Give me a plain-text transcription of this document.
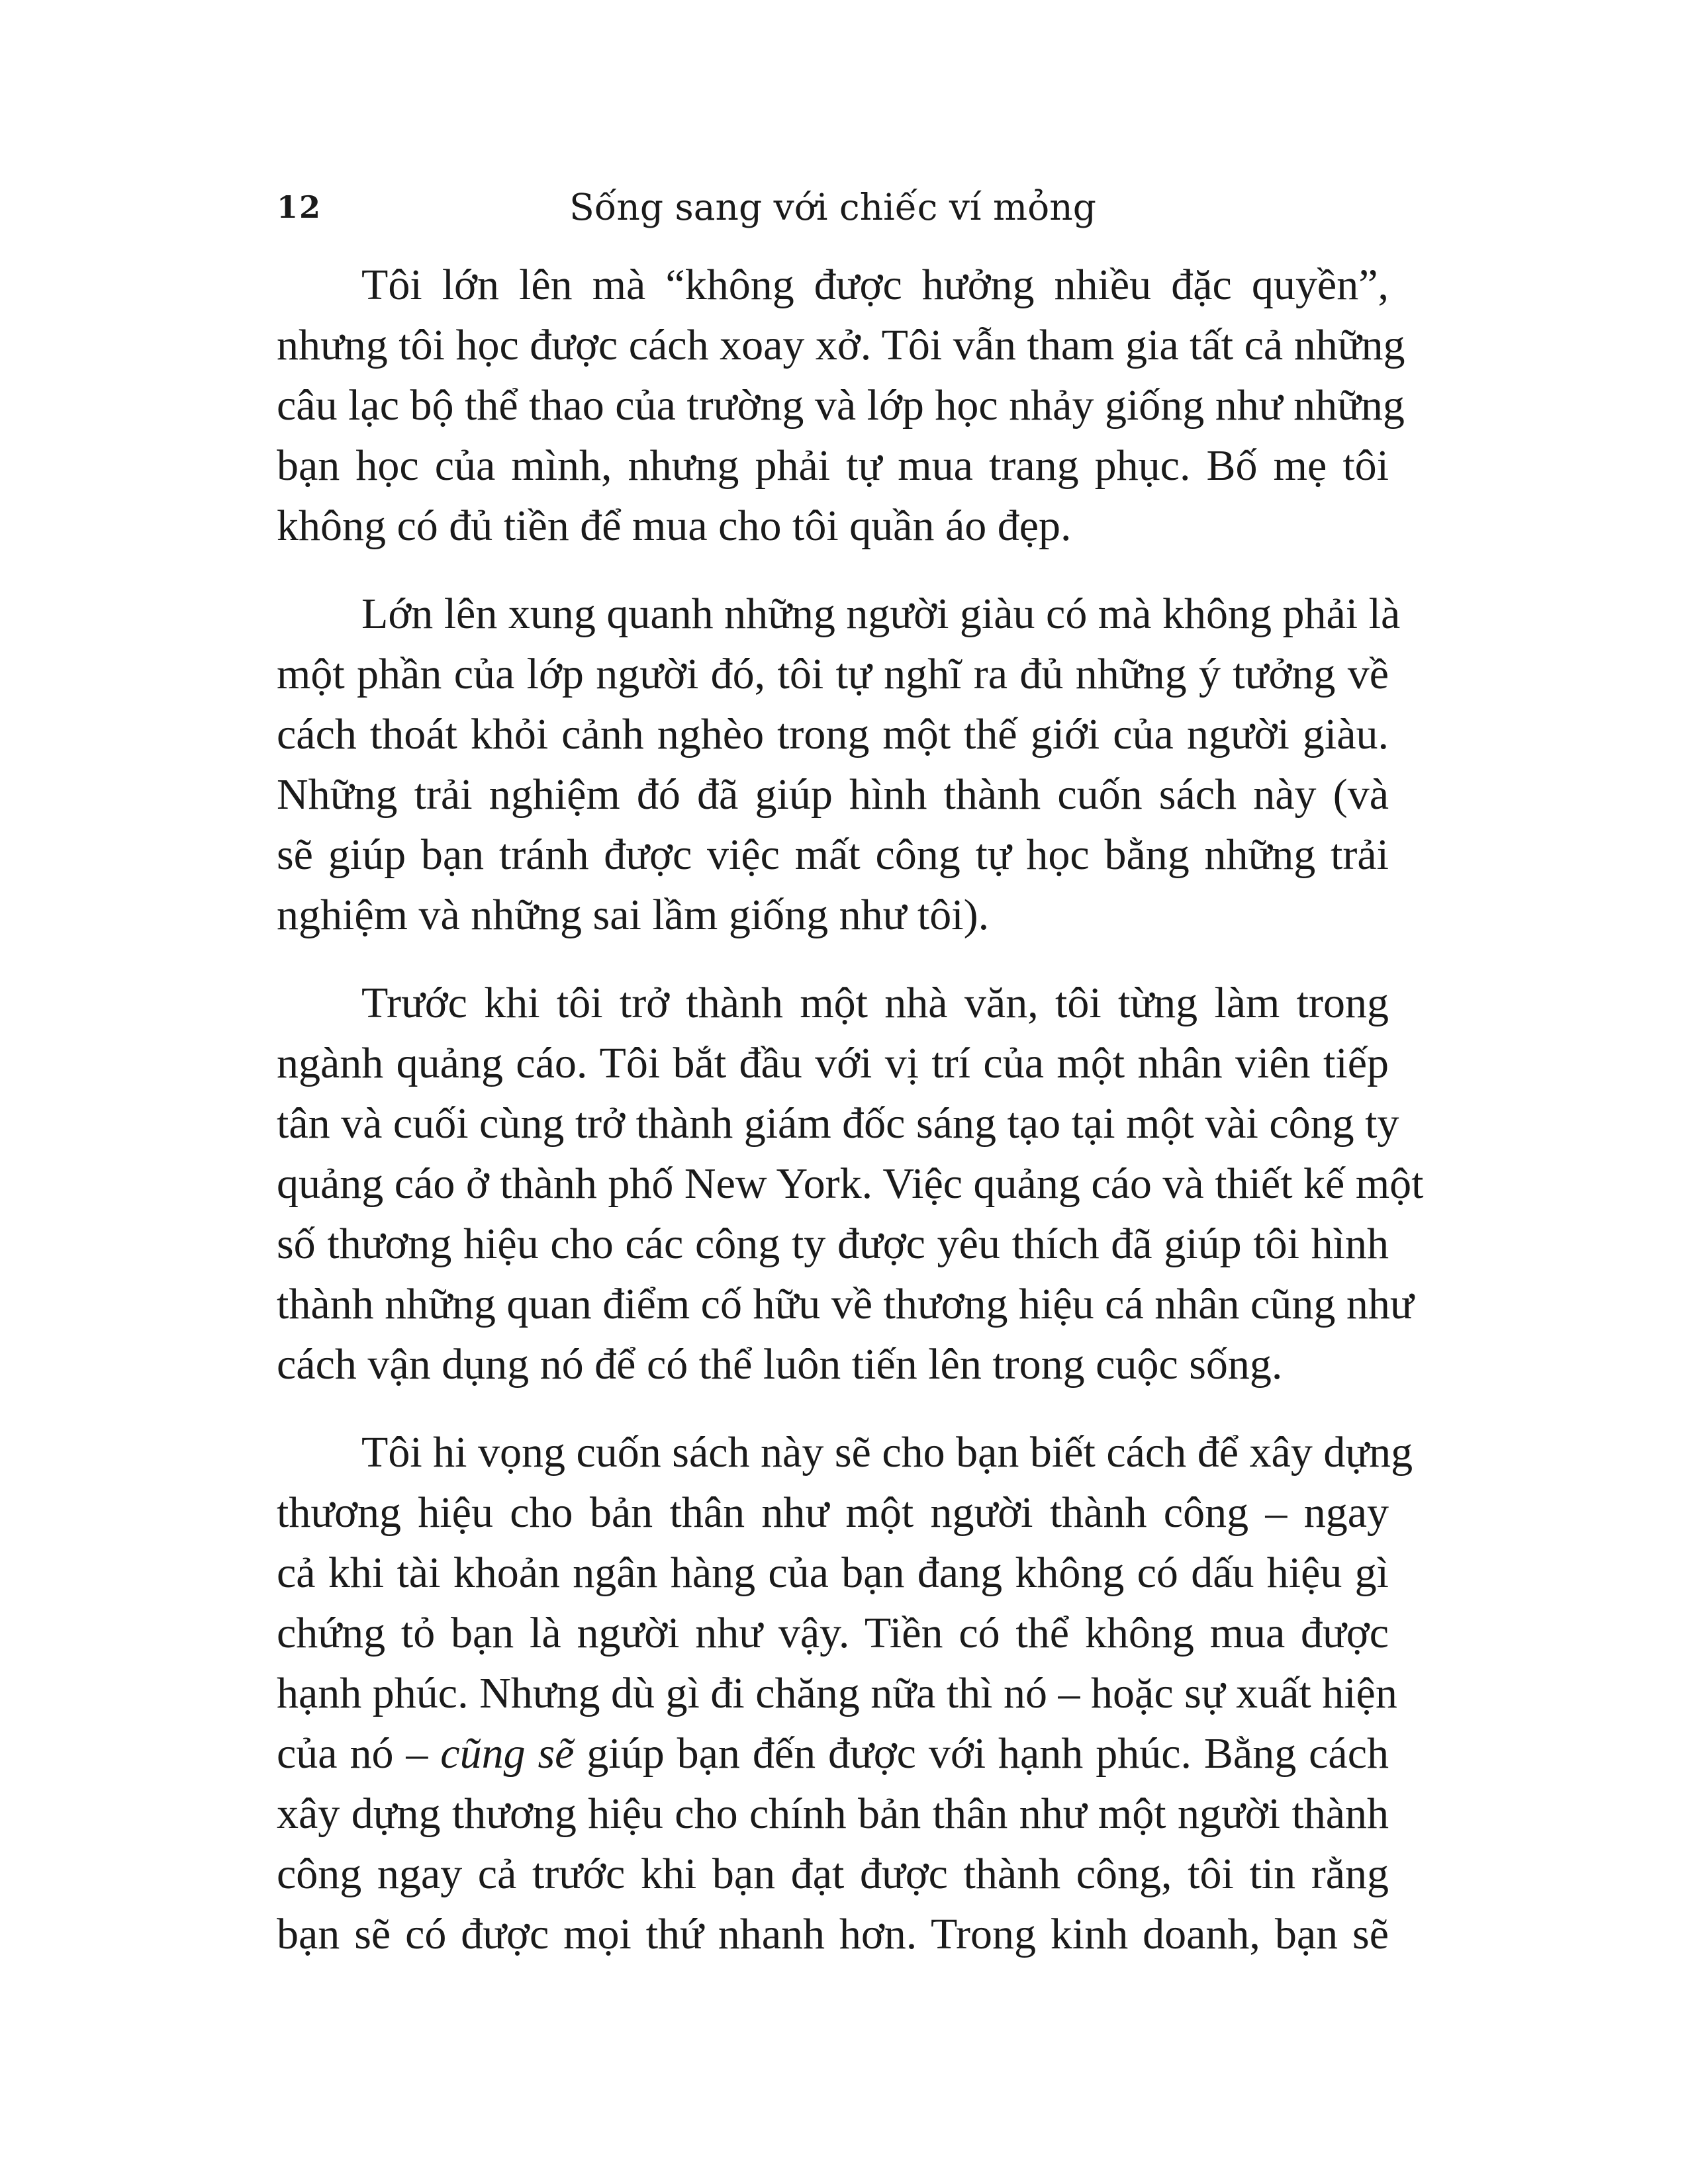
12	Sống sang với chiếc ví mỏng
Tôi lớn lên mà “không được hưởng nhiều đặc quyền”,
nhưng tôi học được cách xoay xở. Tôi vẫn tham gia tất cả những
câu lạc bộ thể thao của trường và lớp học nhảy giống như những
bạn học của mình, nhưng phải tự mua trang phục. Bố mẹ tôi
không có đủ tiền để mua cho tôi quần áo đẹp.
Lớn lên xung quanh những người giàu có mà không phải là
một phần của lớp người đó, tôi tự nghĩ ra đủ những ý tưởng về
cách thoát khỏi cảnh nghèo trong một thế giới của người giàu.
Những trải nghiệm đó đã giúp hình thành cuốn sách này (và
sẽ giúp bạn tránh được việc mất công tự học bằng những trải
nghiệm và những sai lầm giống như tôi).
Trước khi tôi trở thành một nhà văn, tôi từng làm trong
ngành quảng cáo. Tôi bắt đầu với vị trí của một nhân viên tiếp
tân và cuối cùng trở thành giám đốc sáng tạo tại một vài công ty
quảng cáo ở thành phố New York. Việc quảng cáo và thiết kế một
số thương hiệu cho các công ty được yêu thích đã giúp tôi hình
thành những quan điểm cố hữu về thương hiệu cá nhân cũng như
cách vận dụng nó để có thể luôn tiến lên trong cuộc sống.
Tôi hi vọng cuốn sách này sẽ cho bạn biết cách để xây dựng
thương hiệu cho bản thân như một người thành công – ngay
cả khi tài khoản ngân hàng của bạn đang không có dấu hiệu gì
chứng tỏ bạn là người như vậy. Tiền có thể không mua được
hạnh phúc. Nhưng dù gì đi chăng nữa thì nó – hoặc sự xuất hiện
của nó – cũng sẽ giúp bạn đến được với hạnh phúc. Bằng cách
xây dựng thương hiệu cho chính bản thân như một người thành
công ngay cả trước khi bạn đạt được thành công, tôi tin rằng
bạn sẽ có được mọi thứ nhanh hơn. Trong kinh doanh, bạn sẽ
